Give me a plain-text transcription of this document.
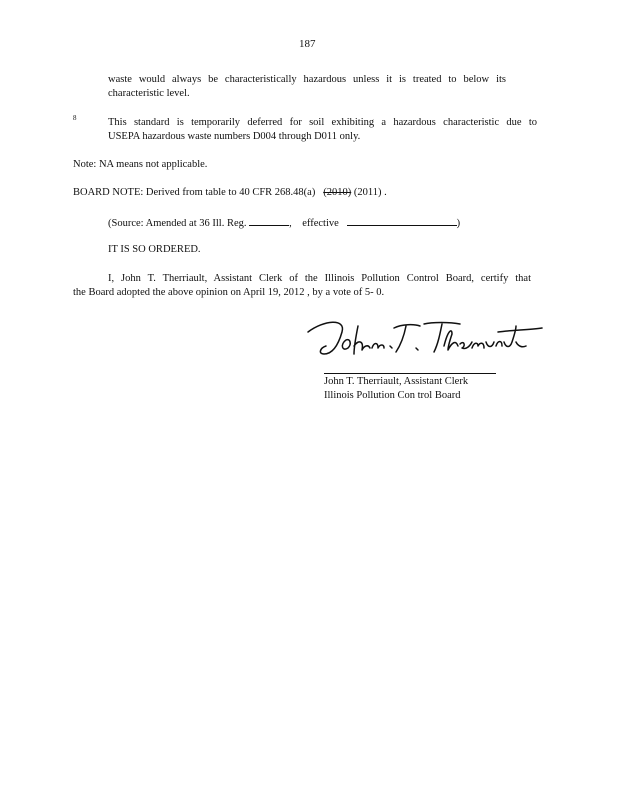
187
waste would always be characteristically hazardous unless it is treated to below its
characteristic level.
8	This standard is temporarily deferred for soil exhibiting a hazardous characteristic due to
USEPA hazardous waste numbers D004 through D011 only.
Note: NA means not applicable.
BOARD NOTE: Derived from table to 40 CFR 268.48(a) (2010) (2011) .
(Source: Amended at 36 Ill. Reg.	, effective	)
IT IS SO ORDERED.
I, John T. Therriault, Assistant Clerk of the Illinois Pollution Control Board, certify that
the Board adopted the above opinion on April 19, 2012 , by a vote of 5- 0.
John T. Therriault, Assistant Clerk
Illinois Pollution Con trol Board
